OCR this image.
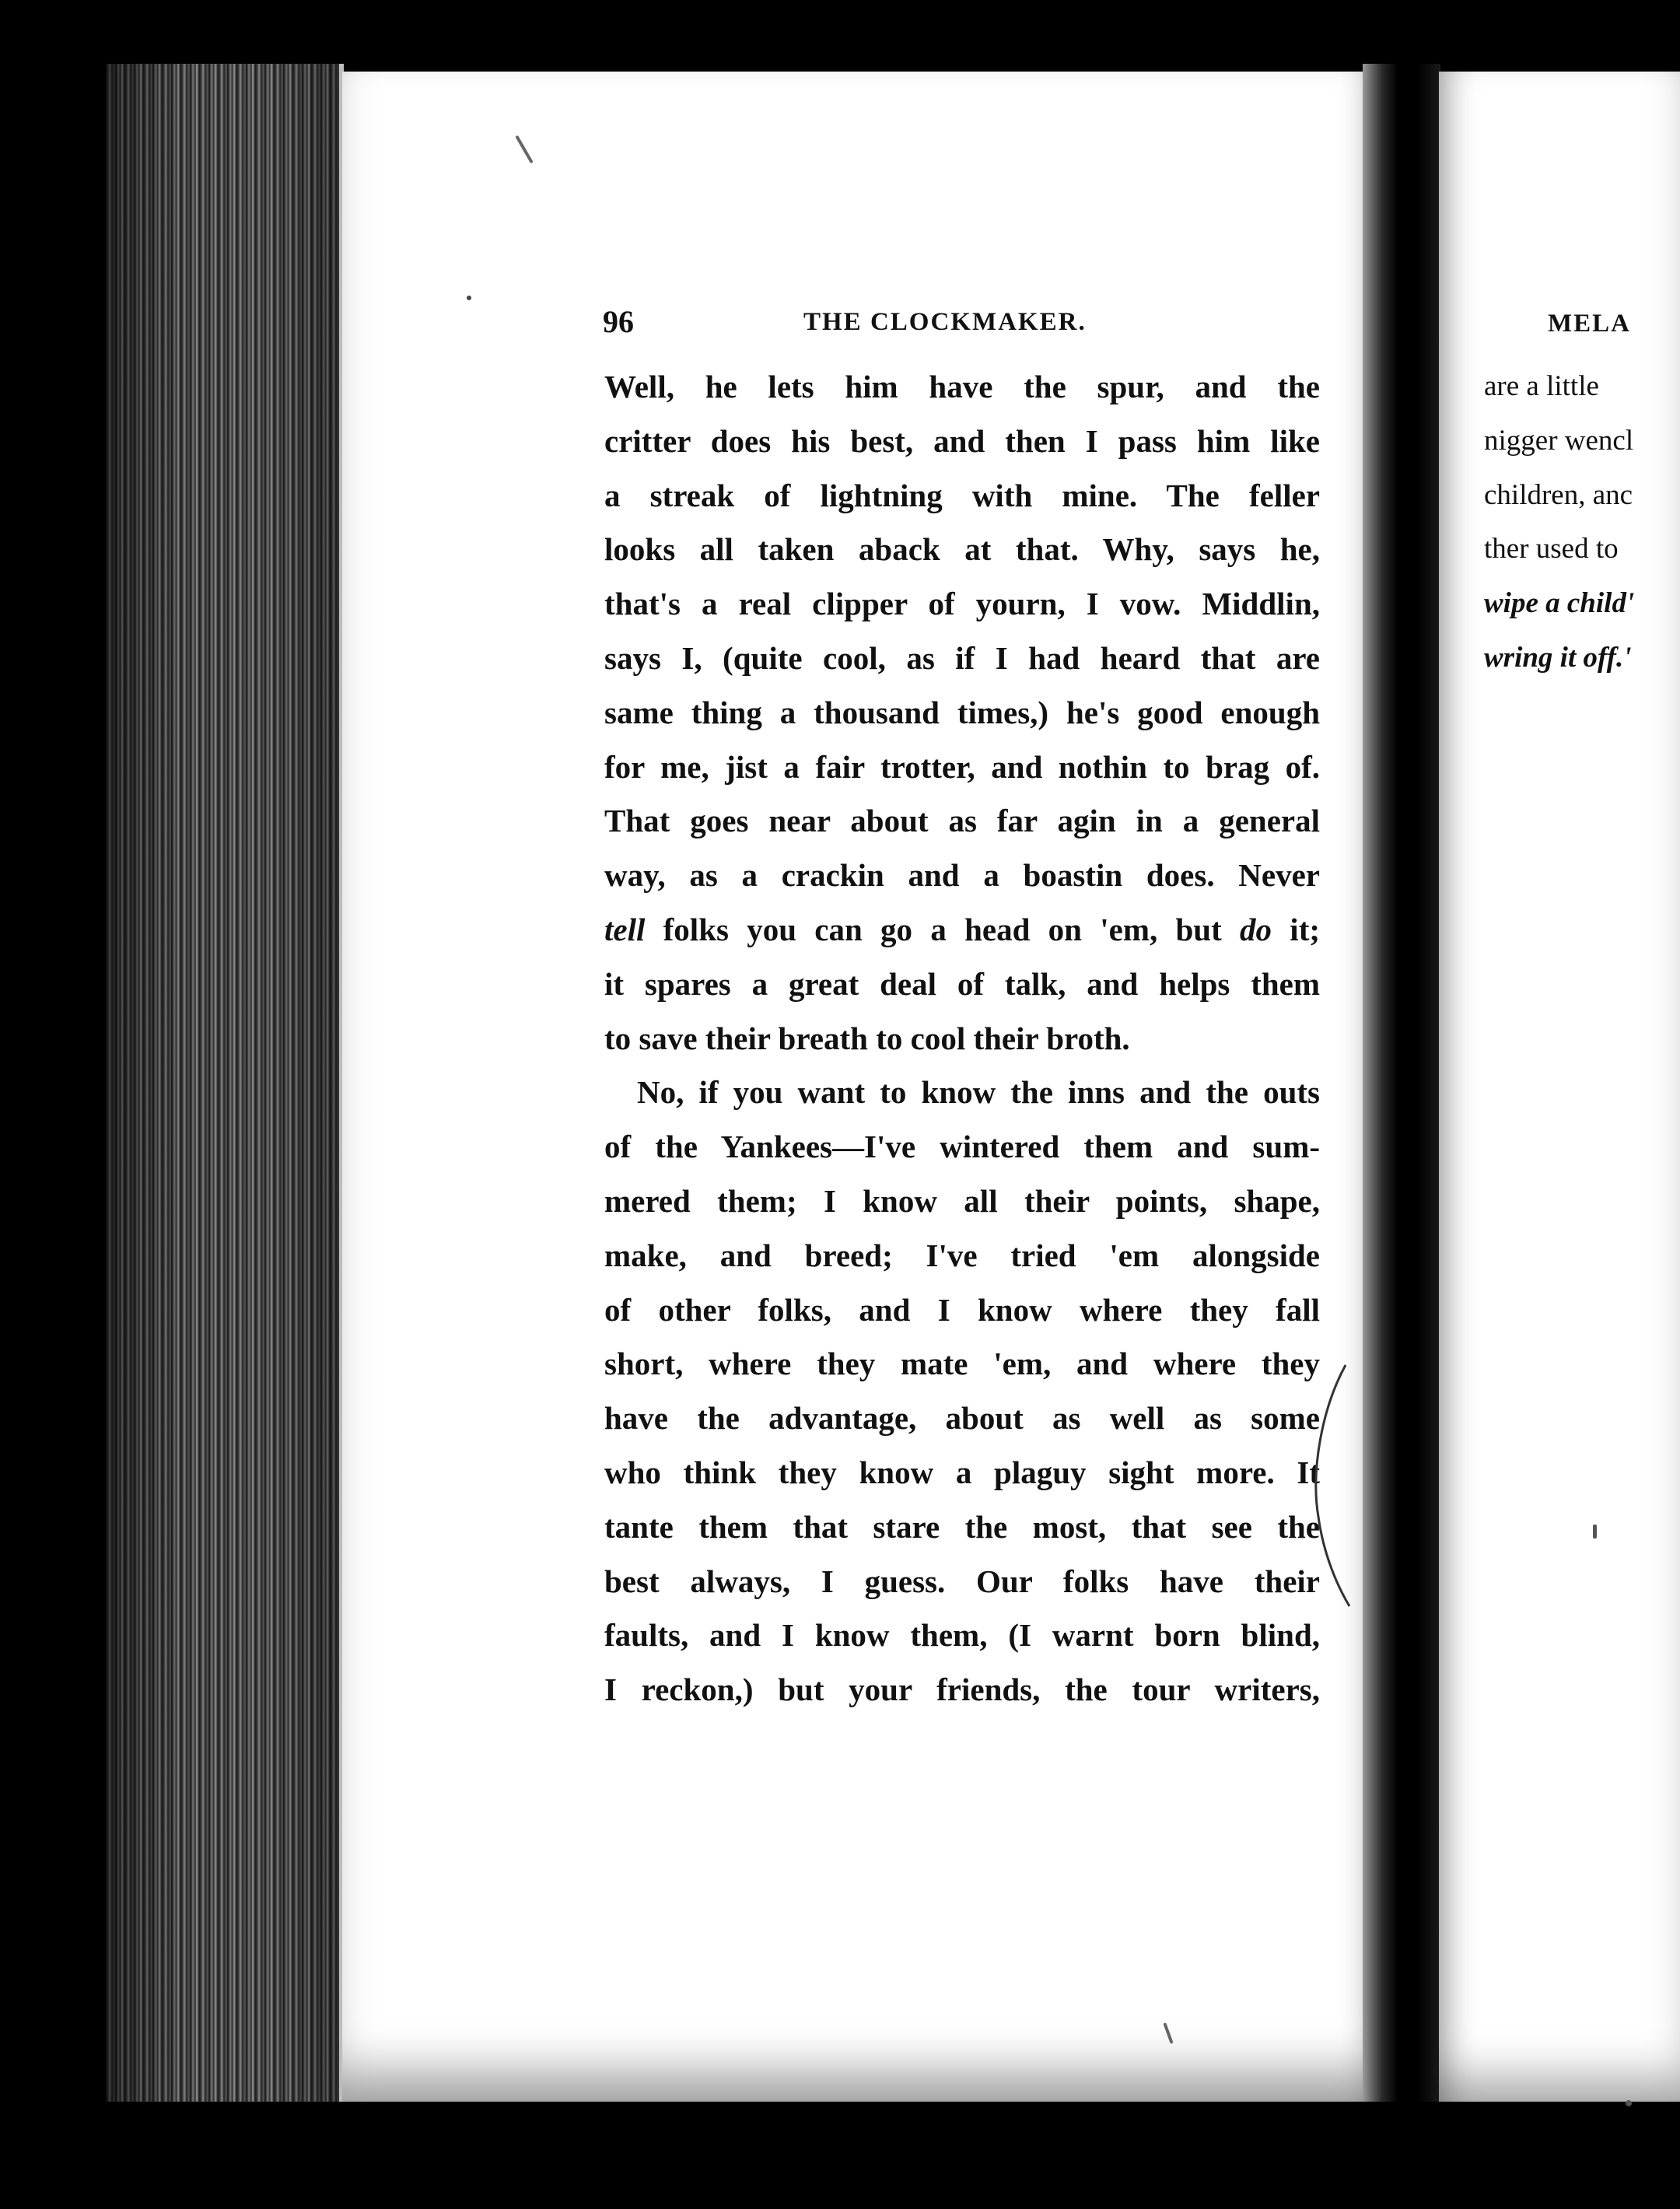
MELA
are a little
nigger wencl
children, anc
ther used to
wipe a child'
wring it off.'
96	THE CLOCKMAKER.
Well, he lets him have the spur, and the
critter does his best, and then I pass him like
a streak of lightning with mine. The feller
looks all taken aback at that. Why, says he,
that's a real clipper of yourn, I vow. Middlin,
says I, (quite cool, as if I had heard that are
same thing a thousand times,) he's good enough
for me, jist a fair trotter, and nothin to brag of.
That goes near about as far agin in a general
way, as a crackin and a boastin does. Never
tell folks you can go a head on 'em, but do it;
it spares a great deal of talk, and helps them
to save their breath to cool their broth.
No, if you want to know the inns and the outs
of the Yankees—I've wintered them and sum-
mered them; I know all their points, shape,
make, and breed; I've tried 'em alongside
of other folks, and I know where they fall
short, where they mate 'em, and where they
have the advantage, about as well as some
who think they know a plaguy sight more. It
tante them that stare the most, that see the
best always, I guess. Our folks have their
faults, and I know them, (I warnt born blind,
I reckon,) but your friends, the tour writers,
